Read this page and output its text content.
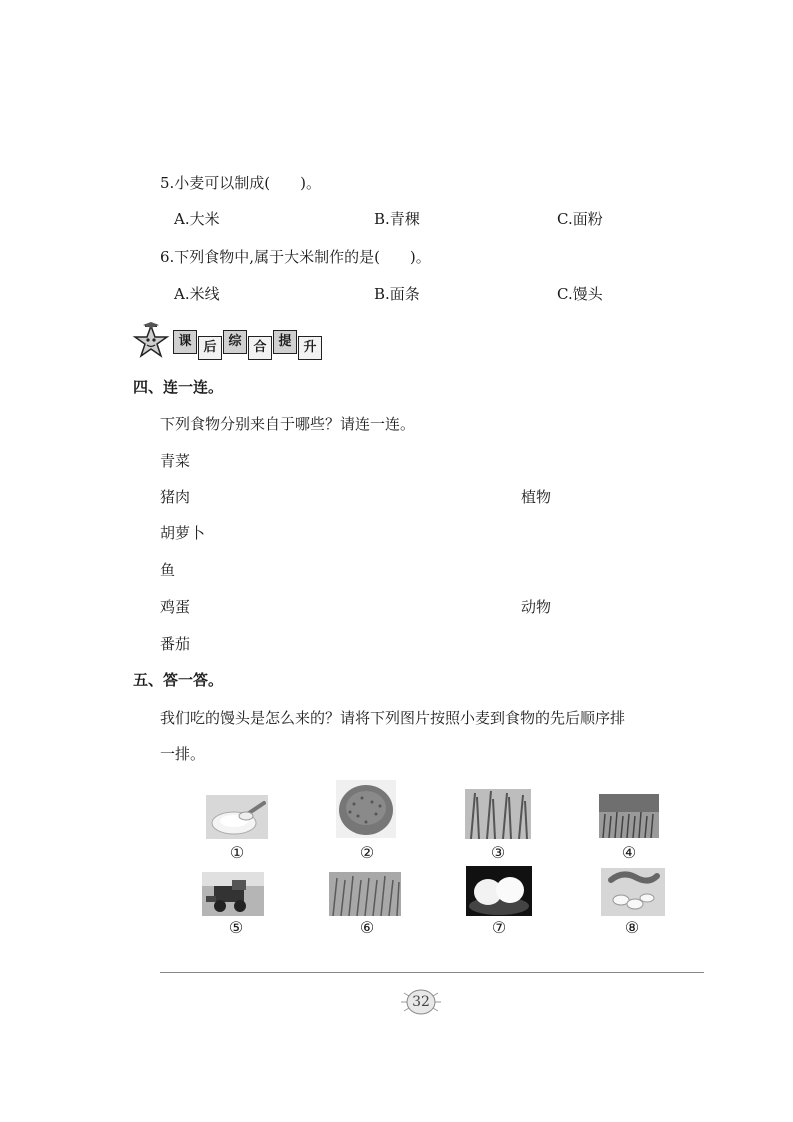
5.小麦可以制成(　　)。
A.大米	B.青稞	C.面粉
6.下列食物中,属于大米制作的是(　　)。
A.米线	B.面条	C.馒头
课 后 综 合 提 升
四、连一连。
下列食物分别来自于哪些？请连一连。
青菜
猪肉
胡萝卜
鱼
鸡蛋
番茄
植物
动物
五、答一答。
我们吃的馒头是怎么来的？请将下列图片按照小麦到食物的先后顺序排
一排。
①	②	③	④
⑤	⑥	⑦	⑧
32
